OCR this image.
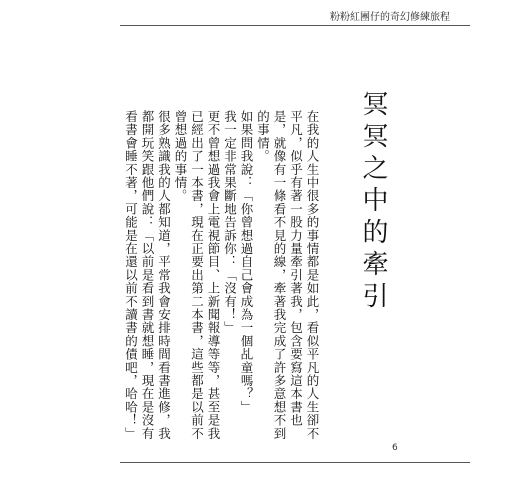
粉粉紅團仔的奇幻修練旅程
冥冥之中的牽引

在我的人生中很多的事情都是如此，看似平凡的人生卻不平凡，似乎有著一股力量牽引著我，包含要寫這本書也是，就像有一條看不見的線，牽著我完成了許多意想不到的事情。

如果問我說：「你曾想過自己會成為一個乩童嗎？」

我一定非常果斷地告訴你：「沒有！」

更不曾想過我會上電視節目、上新聞報導等等，甚至是我已經出了一本書，現在正要出第二本書，這些都是以前不曾想過的事情。

很多熟識我的人都知道，平常我會安排時間看書進修，我都開玩笑跟他們說：「以前是看到書就想睡，現在是沒有看書會睡不著，可能是在還以前不讀書的債吧，哈哈！」

6
